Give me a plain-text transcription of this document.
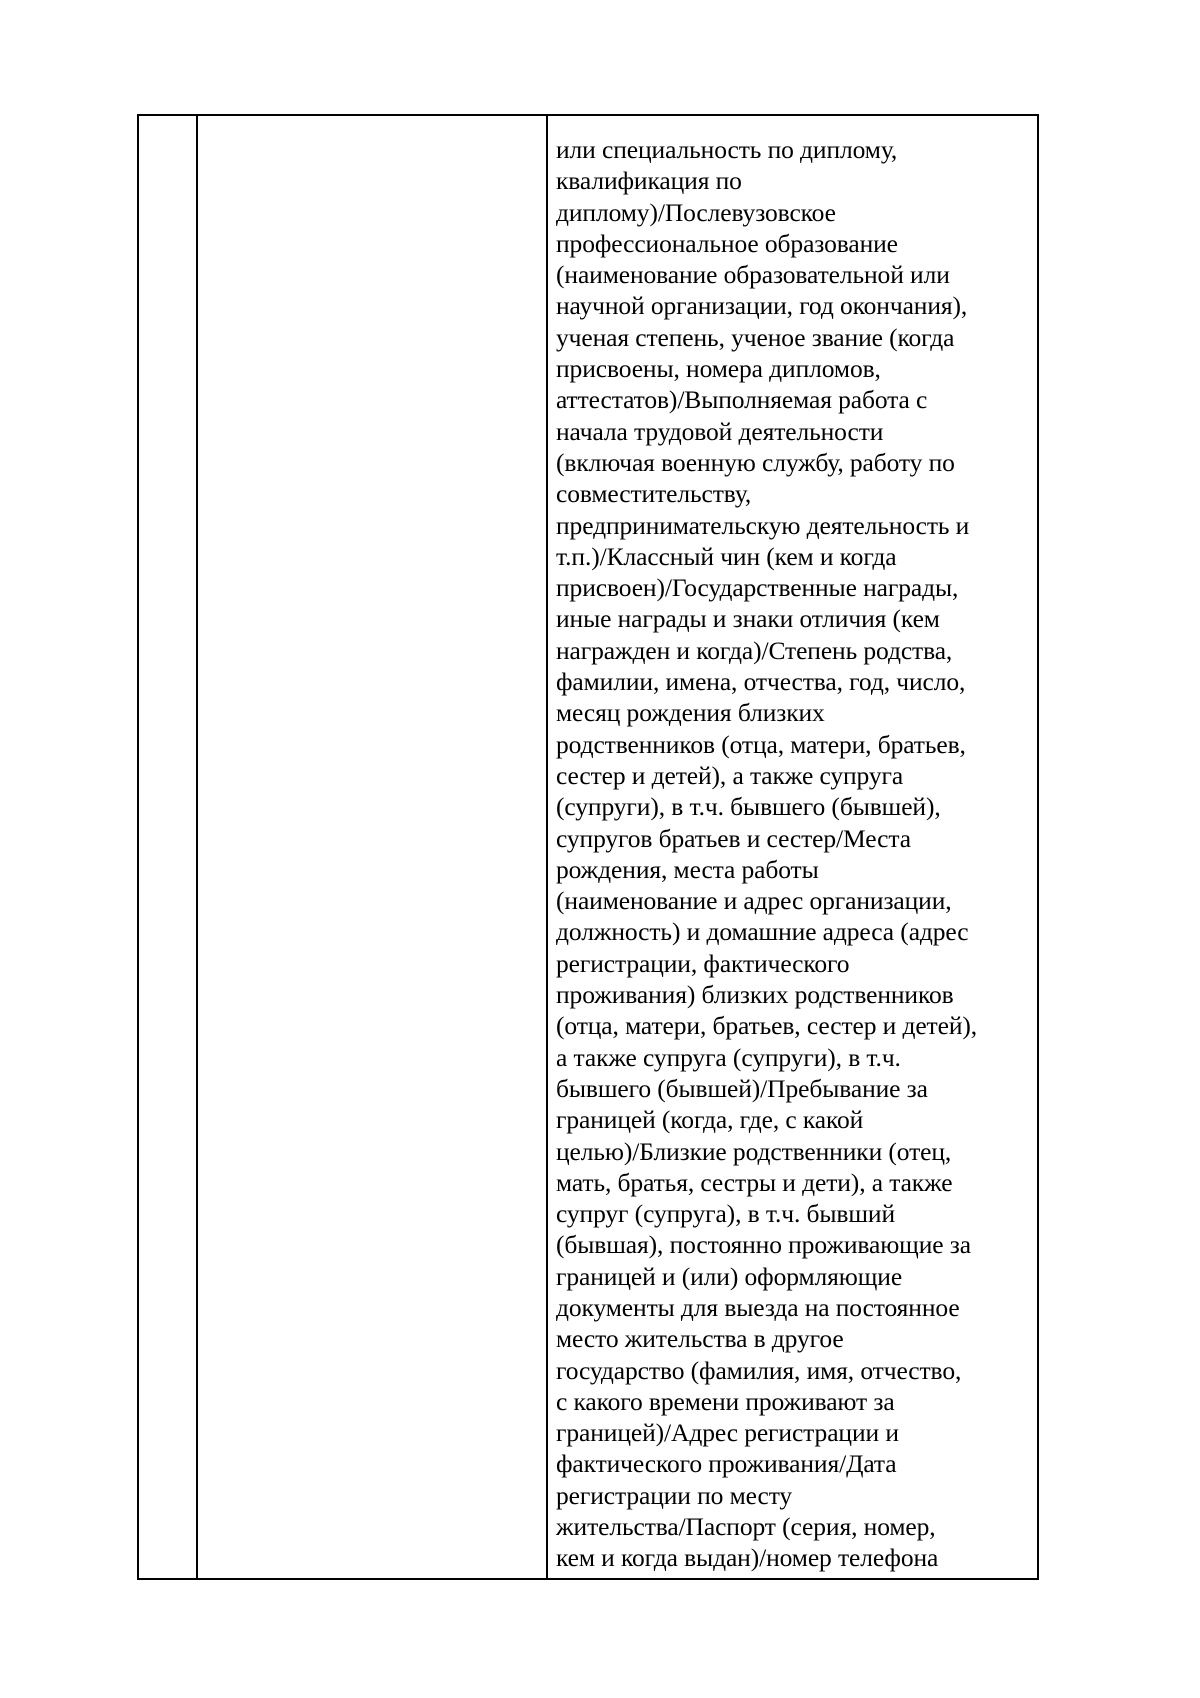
или специальность по диплому,
квалификация по
диплому)/Послевузовское
профессиональное образование
(наименование образовательной или
научной организации, год окончания),
ученая степень, ученое звание (когда
присвоены, номера дипломов,
аттестатов)/Выполняемая работа с
начала трудовой деятельности
(включая военную службу, работу по
совместительству,
предпринимательскую деятельность и
т.п.)/Классный чин (кем и когда
присвоен)/Государственные награды,
иные награды и знаки отличия (кем
награжден и когда)/Степень родства,
фамилии, имена, отчества, год, число,
месяц рождения близких
родственников (отца, матери, братьев,
сестер и детей), а также супруга
(супруги), в т.ч. бывшего (бывшей),
супругов братьев и сестер/Места
рождения, места работы
(наименование и адрес организации,
должность) и домашние адреса (адрес
регистрации, фактического
проживания) близких родственников
(отца, матери, братьев, сестер и детей),
а также супруга (супруги), в т.ч.
бывшего (бывшей)/Пребывание за
границей (когда, где, с какой
целью)/Близкие родственники (отец,
мать, братья, сестры и дети), а также
супруг (супруга), в т.ч. бывший
(бывшая), постоянно проживающие за
границей и (или) оформляющие
документы для выезда на постоянное
место жительства в другое
государство (фамилия, имя, отчество,
с какого времени проживают за
границей)/Адрес регистрации и
фактического проживания/Дата
регистрации по месту
жительства/Паспорт (серия, номер,
кем и когда выдан)/номер телефона
